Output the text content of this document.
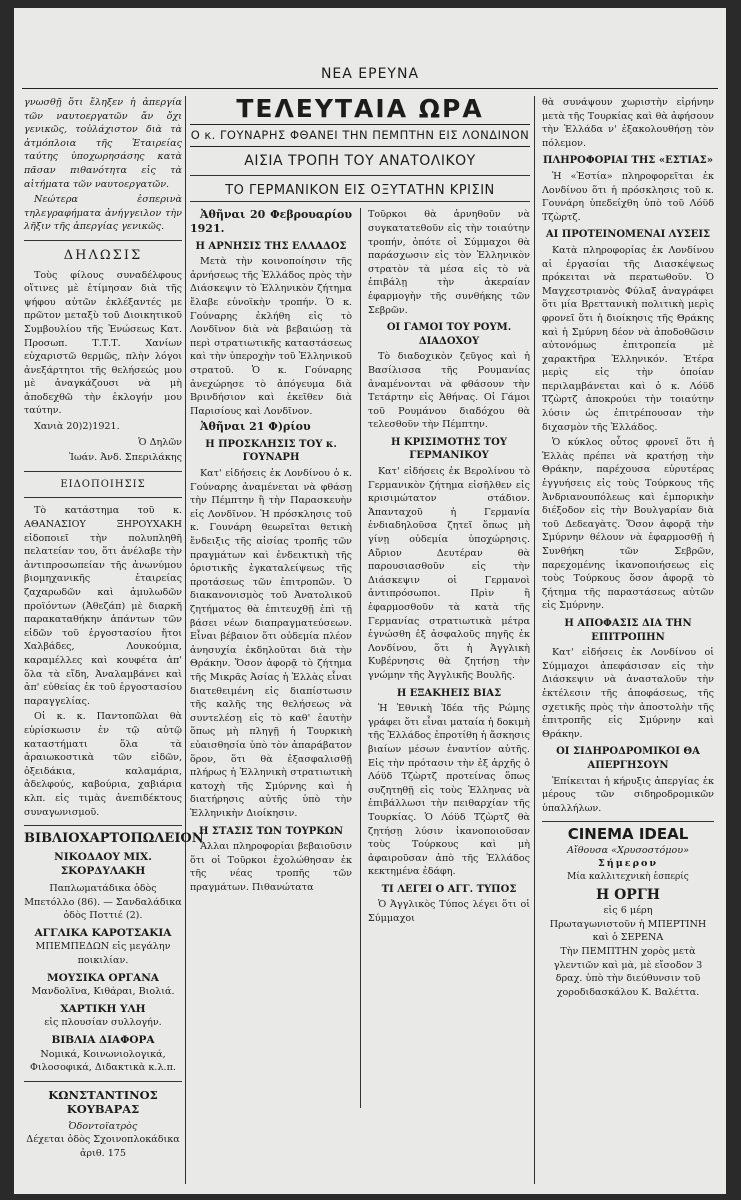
ΝΕΑ ΕΡΕΥΝΑ

γνωσθῇ ὅτι ἔληξεν ἡ ἀπεργία τῶν ναυτοεργατῶν ἄν ὄχι γενικῶς, τοὐλάχιστον διὰ τὰ ἀτμόπλοια τῆς Ἑταιρείας ταύτης ὑποχωρησάσης κατὰ πᾶσαν πιθανότητα εἰς τὰ αἰτήματα τῶν ναυτοεργατῶν.

Νεώτερα ἑσπερινὰ τηλεγραφήματα ἀνήγγειλον τὴν λῆξιν τῆς ἀπεργίας γενικῶς.

ΔΗΛΩΣΙΣ

Τοὺς φίλους συναδέλφους οἵτινες μὲ ἐτίμησαν διὰ τῆς ψήφου αὐτῶν ἐκλέξαντές με πρῶτον μεταξὺ τοῦ Διοικητικοῦ Συμβουλίου τῆς Ἑνώσεως Κατ. Προσωπ. Τ.Τ.Τ. Χανίων εὐχαριστῶ θερμῶς, πλὴν λόγοι ἀνεξάρτητοι τῆς θελήσεώς μου μὲ ἀναγκάζουσι νὰ μὴ ἀποδεχθῶ τὴν ἐκλογήν μου ταύτην.

Χανιὰ 20)2)1921.

Ὁ Δηλῶν

Ἰωάν. Ἀνδ. Σπεριλάκης

ΕΙΔΟΠΟΙΗΣΙΣ

Τὸ κατάστημα τοῦ κ. ΑΘΑΝΑΣΙΟΥ ΞΗΡΟΥΧΑΚΗ εἰδοποιεῖ τὴν πολυπληθῆ πελατείαν του, ὅτι ἀνέλαβε τὴν ἀντιπροσωπείαν τῆς ἀνωνύμου βιομηχανικῆς ἑταιρείας ζαχαρωδῶν καὶ ἀμυλωδῶν προϊόντων (Ἀθεζάπ) μὲ διαρκῆ παρακαταθήκην ἁπάντων τῶν εἰδῶν τοῦ ἐργοστασίου ἤτοι Χαλβάδες, Λουκούμια, καραμέλλες καὶ κουφέτα ἀπ' ὅλα τὰ εἴδη, Ἀναλαμβάνει καὶ ἀπ' εὐθείας ἐκ τοῦ ἐργοστασίου παραγγελίας.

Οἱ κ. κ. Παντοπῶλαι θὰ εὑρίσκωσιν ἐν τῷ αὐτῷ καταστήματι ὅλα τὰ ἀραιωκοστικὰ τῶν εἰδῶν, ὀξειδάκια, καλαμάρια, ἀδελφούς, καβούρια, χαβιάρια κλπ. εἰς τιμὰς ἀνεπιδέκτους συναγωνισμοῦ.

ΒΙΒΛΙΟΧΑΡΤΟΠΩΛΕΙΟΝ
ΝΙΚΟΔΑΟΥ ΜΙΧ. ΣΚΟΡΔΥΛΑΚΗ

Παπλωματάδικα ὁδὸς Μπετόλλο (86). — Σανδαλάδικα ὁδὸς Ποττιέ (2).

ΑΓΓΛΙΚΑ ΚΑΡΟΤΣΑΚΙΑ

ΜΠΕΜΠΕΔΩΝ εἰς μεγάλην ποικιλίαν.

ΜΟΥΣΙΚΑ ΟΡΓΑΝΑ

Μανδολῖνα, Κιθάραι, Βιολιά.

ΧΑΡΤΙΚΗ ΥΛΗ

εἰς πλουσίαν συλλογήν.

ΒΙΒΛΙΑ ΔΙΑΦΟΡΑ

Νομικά, Κοινωνιολογικά, Φιλοσοφικά, Διδακτικὰ κ.λ.π.

ΚΩΝΣΤΑΝΤΙΝΟΣ ΚΟΥΒΑΡΑΣ

Ὀδοντοϊατρὸς

Δέχεται ὁδὸς Σχοινοπλοκάδικα ἀριθ. 175

ΤΕΛΕΥΤΑΙΑ ΩΡΑ
Ο κ. ΓΟΥΝΑΡΗΣ ΦΘΑΝΕΙ ΤΗΝ ΠΕΜΠΤΗΝ ΕΙΣ ΛΟΝΔΙΝΟΝ
ΑΙΣΙΑ ΤΡΟΠΗ ΤΟΥ ΑΝΑΤΟΛΙΚΟΥ
ΤΟ ΓΕΡΜΑΝΙΚΟΝ ΕΙΣ ΟΞΥΤΑΤΗΝ ΚΡΙΣΙΝ

Ἀθῆναι 20 Φεβρουαρίου 1921.

Η ΑΡΝΗΣΙΣ ΤΗΣ ΕΛΛΑΔΟΣ

Μετὰ τὴν κοινοποίησιν τῆς ἀρνήσεως τῆς Ἑλλάδος πρὸς τὴν Διάσκεψιν τὸ Ἑλληνικὸν ζήτημα ἔλαβε εὐνοϊκὴν τροπήν. Ὁ κ. Γούναρης ἐκλήθη εἰς τὸ Λονδῖνον διὰ νὰ βεβαιώσῃ τὰ περὶ στρατιωτικῆς καταστάσεως καὶ τὴν ὑπεροχὴν τοῦ Ἑλληνικοῦ στρατοῦ. Ὁ κ. Γούναρης ἀνεχώρησε τὸ ἀπόγευμα διὰ Βρινδήσιον καὶ ἐκεῖθεν διὰ Παρισίους καὶ Λονδῖνον.

Ἀθῆναι 21 Φ)ρίου

Η ΠΡΟΣΚΛΗΣΙΣ ΤΟΥ κ. ΓΟΥΝΑΡΗ

Κατ' εἰδήσεις ἐκ Λονδίνου ὁ κ. Γούναρης ἀναμένεται νὰ φθάσῃ τὴν Πέμπτην ἢ τὴν Παρασκευὴν εἰς Λονδῖνον. Ἡ πρόσκλησις τοῦ κ. Γουνάρη θεωρεῖται θετικὴ ἔνδειξις τῆς αἰσίας τροπῆς τῶν πραγμάτων καὶ ἐνδεικτικὴ τῆς ὁριστικῆς ἐγκαταλείψεως τῆς προτάσεως τῶν ἐπιτροπῶν. Ὁ διακανονισμὸς τοῦ Ἀνατολικοῦ ζητήματος θὰ ἐπιτευχθῇ ἐπὶ τῇ βάσει νέων διαπραγματεύσεων. Εἶναι βέβαιον ὅτι οὐδεμία πλέον ἀνησυχία ἐκδηλοῦται διὰ τὴν Θράκην. Ὅσον ἀφορᾷ τὸ ζήτημα τῆς Μικρᾶς Ἀσίας ἡ Ἑλλὰς εἶναι διατεθειμένη εἰς διαπίστωσιν τῆς καλῆς της θελήσεως νὰ συντελέσῃ εἰς τὸ καθ' ἑαυτὴν ὅπως μὴ πληγῇ ἡ Τουρκικὴ εὐαισθησία ὑπὸ τὸν ἀπαράβατον ὅρον, ὅτι θὰ ἐξασφαλισθῇ πλήρως ἡ Ἑλληνικὴ στρατιωτικὴ κατοχὴ τῆς Σμύρνης καὶ ἡ διατήρησις αὐτῆς ὑπὸ τὴν Ἑλληνικὴν Διοίκησιν.

Η ΣΤΑΣΙΣ ΤΩΝ ΤΟΥΡΚΩΝ

Ἄλλαι πληροφορίαι βεβαιοῦσιν ὅτι οἱ Τοῦρκοι ἐχολώθησαν ἐκ τῆς νέας τροπῆς τῶν πραγμάτων. Πιθανώτατα

Τοῦρκοι θὰ ἀρνηθοῦν νὰ συγκατατεθοῦν εἰς τὴν τοιαύτην τροπήν, ὁπότε οἱ Σύμμαχοι θὰ παράσχωσιν εἰς τὸν Ἑλληνικὸν στρατὸν τὰ μέσα εἰς τὸ νὰ ἐπιβάλῃ τὴν ἀκεραίαν ἐφαρμογὴν τῆς συνθήκης τῶν Σεβρῶν.

ΟΙ ΓΑΜΟΙ ΤΟΥ ΡΟΥΜ. ΔΙΑΔΟΧΟΥ

Τὸ διαδοχικὸν ζεῦγος καὶ ἡ Βασίλισσα τῆς Ρουμανίας ἀναμένονται νὰ φθάσουν τὴν Τετάρτην εἰς Ἀθήνας. Οἱ Γάμοι τοῦ Ρουμάνου διαδόχου θὰ τελεσθοῦν τὴν Πέμπτην.

Η ΚΡΙΣΙΜΟΤΗΣ ΤΟΥ ΓΕΡΜΑΝΙΚΟΥ

Κατ' εἰδήσεις ἐκ Βερολίνου τὸ Γερμανικὸν ζήτημα εἰσῆλθεν εἰς κρισιμώτατον στάδιον. Ἀπανταχοῦ ἡ Γερμανία ἐνδιαδηλοῦσα ζητεῖ ὅπως μὴ γίνῃ οὐδεμία ὑποχώρησις. Αὔριον Δευτέραν θὰ παρουσιασθοῦν εἰς τὴν Διάσκεψιν οἱ Γερμανοὶ ἀντιπρόσωποι. Πρὶν ἢ ἐφαρμοσθοῦν τὰ κατὰ τῆς Γερμανίας στρατιωτικὰ μέτρα ἐγνώσθη ἐξ ἀσφαλοῦς πηγῆς ἐκ Λονδίνου, ὅτι ἡ Ἀγγλικὴ Κυβέρνησις θὰ ζητήσῃ τὴν γνώμην τῆς Ἀγγλικῆς Βουλῆς.

Η ΕΞΑΚΗΕΙΣ ΒΙΑΣ

Ἡ Ἐθνικὴ Ἰδέα τῆς Ρώμης γράφει ὅτι εἶναι ματαία ἡ δοκιμὴ τῆς Ἑλλάδος ἐπροτίθη ἡ ἄσκησις βιαίων μέσων ἐναντίον αὐτῆς. Εἰς τὴν πρότασιν τὴν ἐξ ἀρχῆς ὁ Λόϋδ Τζὼρτζ προτείνας ὅπως συζητηθῇ εἰς τοὺς Ἑλληνας νὰ ἐπιβάλλωσι τὴν πειθαρχίαν τῆς Τουρκίας. Ὁ Λόϋδ Τζὼρτζ θὰ ζητήσῃ λύσιν ἱκανοποιοῦσαν τοὺς Τούρκους καὶ μὴ ἀφαιροῦσαν ἀπὸ τῆς Ἑλλάδος κεκτημένα ἐδάφη.

ΤΙ ΛΕΓΕΙ Ο ΑΓΓ. ΤΥΠΟΣ

Ὁ Ἀγγλικὸς Τύπος λέγει ὅτι οἱ Σύμμαχοι

θὰ συνάψουν χωριστὴν εἰρήνην μετὰ τῆς Τουρκίας καὶ θὰ ἀφήσουν τὴν Ἑλλάδα ν' ἐξακολουθήσῃ τὸν πόλεμον.

ΠΛΗΡΟΦΟΡΙΑΙ ΤΗΣ «ΕΣΤΙΑΣ»

Ἡ «Ἑστία» πληροφορεῖται ἐκ Λονδίνου ὅτι ἡ πρόσκλησις τοῦ κ. Γουνάρη ὑπεδείχθη ὑπὸ τοῦ Λόϋδ Τζὼρτζ.

ΑΙ ΠΡΟΤΕΙΝΟΜΕΝΑΙ ΛΥΣΕΙΣ

Κατὰ πληροφορίας ἐκ Λονδίνου αἱ ἐργασίαι τῆς Διασκέψεως πρόκειται νὰ περατωθοῦν. Ὁ Μαγχεστριανὸς Φύλαξ ἀναγράφει ὅτι μία Βρεττανικὴ πολιτικὴ μερὶς φρονεῖ ὅτι ἡ διοίκησις τῆς Θράκης καὶ ἡ Σμύρνη δέον νὰ ἀποδοθῶσιν αὐτονόμως ἐπιτροπεία μὲ χαρακτῆρα Ἑλληνικόν. Ἑτέρα μερὶς εἰς τὴν ὁποίαν περιλαμβάνεται καὶ ὁ κ. Λόϋδ Τζὼρτζ ἀποκρούει τὴν τοιαύτην λύσιν ὡς ἐπιτρέπουσαν τὴν διχασμὸν τῆς Ἑλλάδος.

Ὁ κύκλος οὗτος φρονεῖ ὅτι ἡ Ἑλλὰς πρέπει νὰ κρατήσῃ τὴν Θράκην, παρέχουσα εὐρυτέρας ἐγγυήσεις εἰς τοὺς Τούρκους τῆς Ἀνδριανουπόλεως καὶ ἐμπορικὴν διέξοδον εἰς τὴν Βουλγαρίαν διὰ τοῦ Δεδεαγὰτς. Ὅσον ἀφορᾷ τὴν Σμύρνην θέλουν νὰ ἐφαρμοσθῇ ἡ Συνθήκη τῶν Σεβρῶν, παρεχομένης ἱκανοποιήσεως εἰς τοὺς Τούρκους ὅσον ἀφορᾷ τὸ ζήτημα τῆς παραστάσεως αὐτῶν εἰς Σμύρνην.

Η ΑΠΟΦΑΣΙΣ ΔΙΑ ΤΗΝ ΕΠΙΤΡΟΠΗΝ

Κατ' εἰδήσεις ἐκ Λονδίνου οἱ Σύμμαχοι ἀπεφάσισαν εἰς τὴν Διάσκεψιν νὰ ἀνασταλοῦν τὴν ἐκτέλεσιν τῆς ἀποφάσεως, τῆς σχετικῆς πρὸς τὴν ἀποστολὴν τῆς ἐπιτροπῆς εἰς Σμύρνην καὶ Θράκην.

ΟΙ ΣΙΔΗΡΟΔΡΟΜΙΚΟΙ ΘΑ ΑΠΕΡΓΗΣΟΥΝ

Ἐπίκειται ἡ κήρυξις ἀπεργίας ἐκ μέρους τῶν σιδηροδρομικῶν ὑπαλλήλων.

CINEMA IDEAL

Αἴθουσα «Χρυσοστόμου»

Σήμερον

Μία καλλιτεχνικὴ ἑσπερίς

Η ΟΡΓΗ

εἰς 6 μέρη

Πρωταγωνιστοῦν ἡ ΜΠΕΡΤΙΝΗ καὶ ὁ ΣΕΡΕΝΑ

Τὴν ΠΕΜΠΤΗΝ χορὸς μετὰ γλεντιῶν καὶ μὰ, μὲ εἴσοδον 3 δραχ. ὑπὸ τὴν διεύθυνσιν τοῦ χοροδιδασκάλου Κ. Βαλέττα.
